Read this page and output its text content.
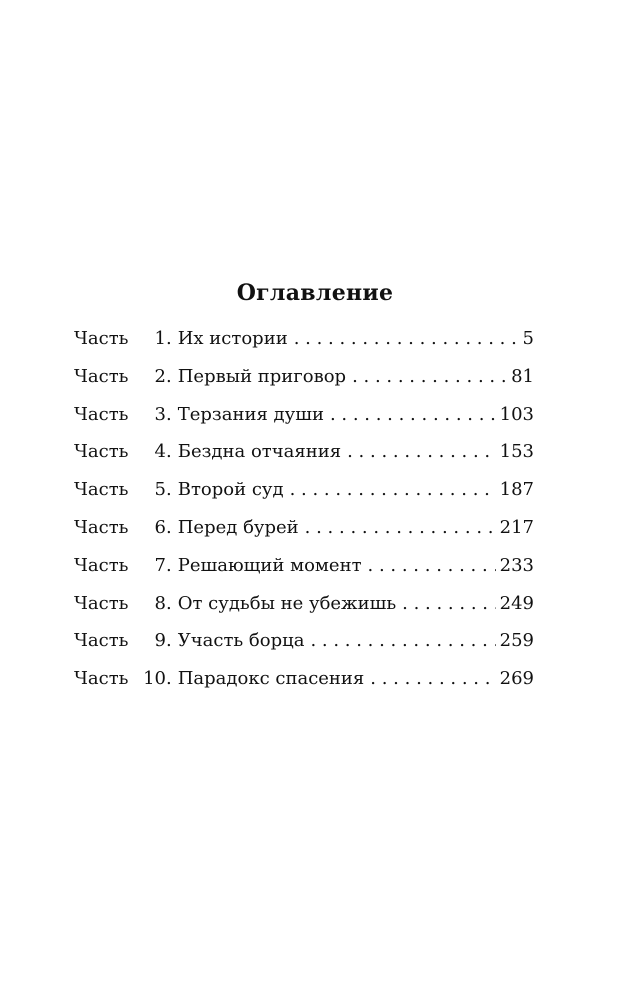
Оглавление
Часть	1 . Их истории . . .	5
Часть	2 . Первый приговор . . .	81
Часть	3 . Терзания души . . .	103
Часть	4 . Бездна отчаяния . . .	153
Часть	5 . Второй суд . . .	187
Часть	6 . Перед бурей . . .	217
Часть	7 . Решающий момент . . .	233
Часть	8 . От судьбы не убежишь . . .	249
Часть	9 . Участь борца . . .	259
Часть 10 . Парадокс спасения . . .	269
